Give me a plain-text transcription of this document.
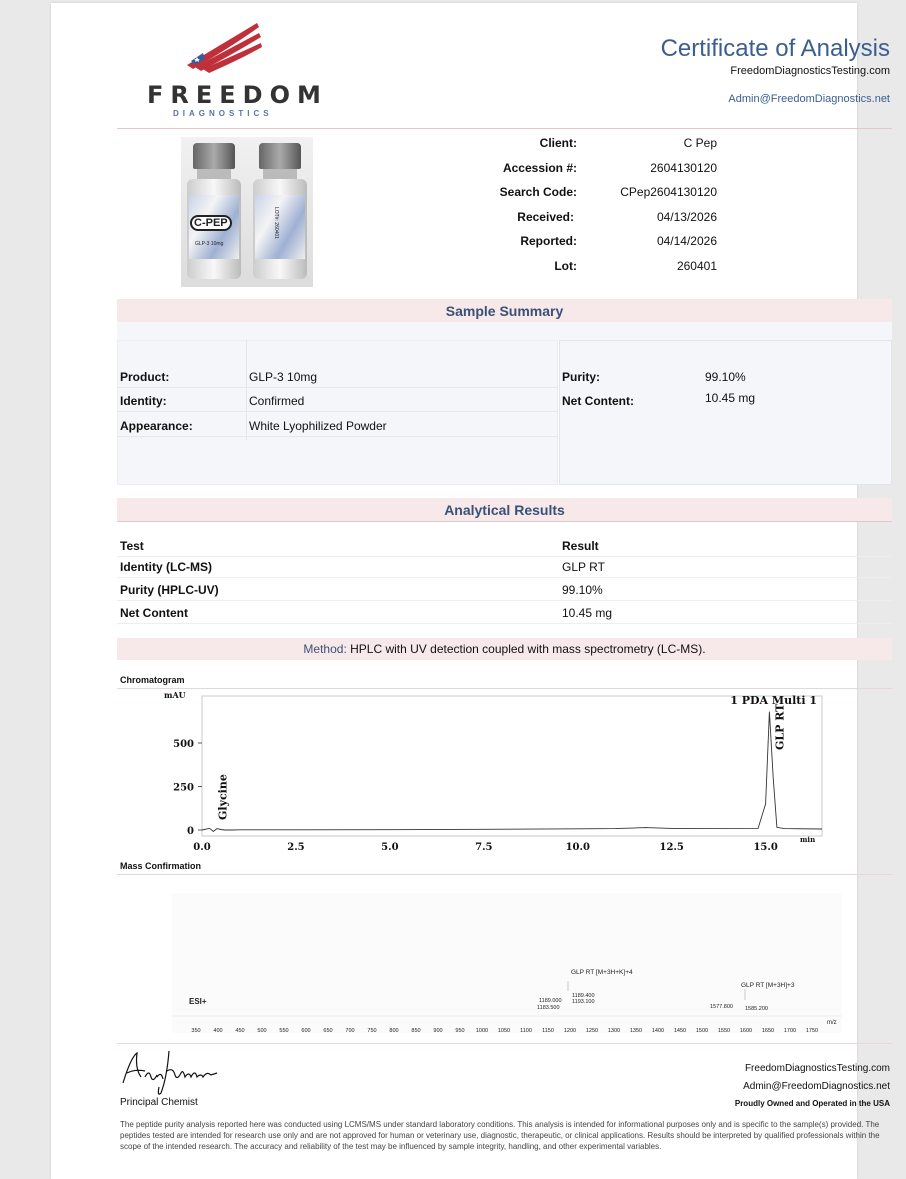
FREEDOM
DIAGNOSTICS
Certificate of Analysis
FreedomDiagnosticsTesting.com
Admin@FreedomDiagnostics.net
C-PEP
GLP-3 10mg
LOT#: 260401
Client:	C Pep
Accession #:	2604130120
Search Code:	CPep2604130120
Received:	04/13/2026
Reported:	04/14/2026
Lot:	260401
Sample Summary
Product:	GLP-3 10mg
Identity:	Confirmed
Appearance:	White Lyophilized Powder
Purity:	99.10%
Net Content:	10.45 mg
Analytical Results
Test	Result
Identity (LC-MS)	GLP RT
Purity (HPLC-UV)	99.10%
Net Content	10.45 mg
Method: HPLC with UV detection coupled with mass spectrometry (LC-MS).
Chromatogram
mAU	1 PDA Multi 1
min
500
250
0
0.0	2.5	5.0	7.5	10.0	12.5	15.0
Glycine
GLP RT
Mass Confirmation
ESI+
350 400 450 500 550 600 650 700 750 800 850 900 950 1000 1050 1100 1150 1200 1250 1300 1350 1400 1450 1500 1550 1600 1650 1700 1750
m/z
GLP RT [M+3H+K]+4
1189.400
1193.100
1189.000
1183.500
GLP RT [M+3H]+3
1577.800 1585.200
Principal Chemist
FreedomDiagnosticsTesting.com
Admin@FreedomDiagnostics.net
Proudly Owned and Operated in the USA
The peptide purity analysis reported here was conducted using LCMS/MS under standard laboratory conditions. This analysis is intended for informational purposes only and is specific to the sample(s) provided. The peptides tested are intended for research use only and are not approved for human or veterinary use, diagnostic, therapeutic, or clinical applications. Results should be interpreted by qualified professionals within the scope of the intended research. The accuracy and reliability of the test may be influenced by sample integrity, handling, and other experimental variables.
